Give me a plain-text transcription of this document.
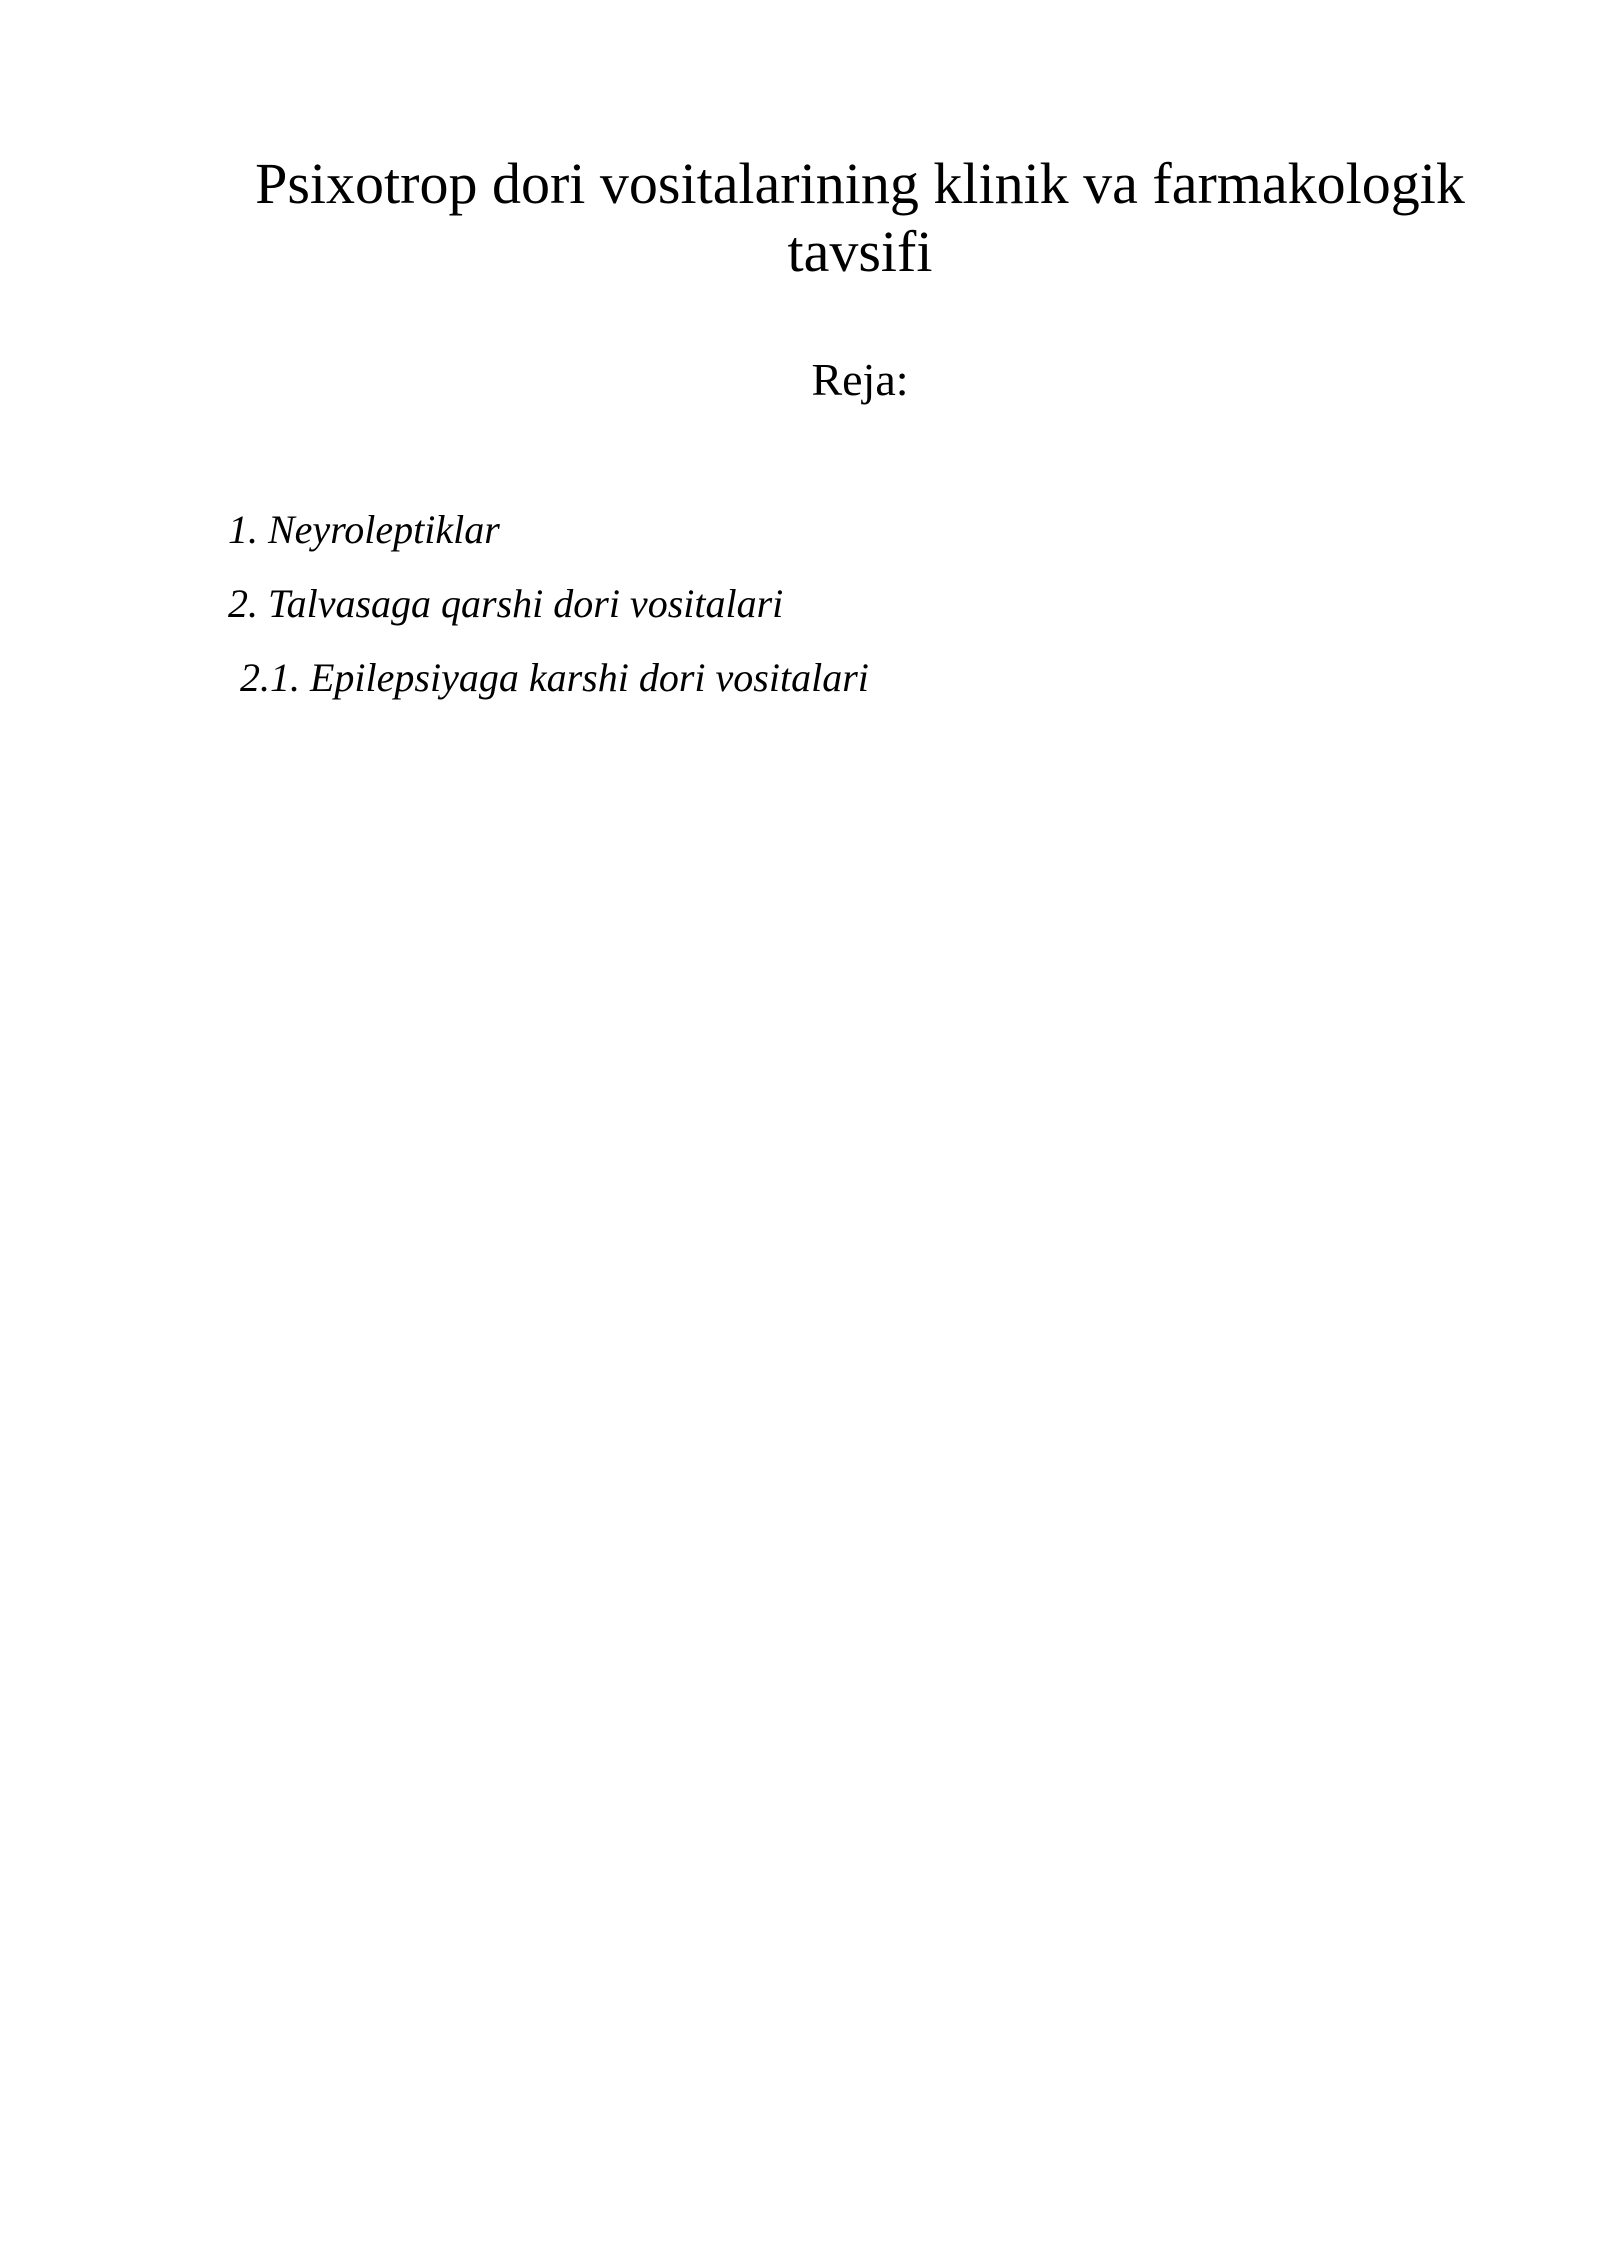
Psixotrop dori vositalarining klinik va farmakologik tavsifi
Reja:
1. Neyroleptiklar
2. Talvasaga qarshi dori vositalari
2.1. Epilepsiyaga karshi dori vositalari
